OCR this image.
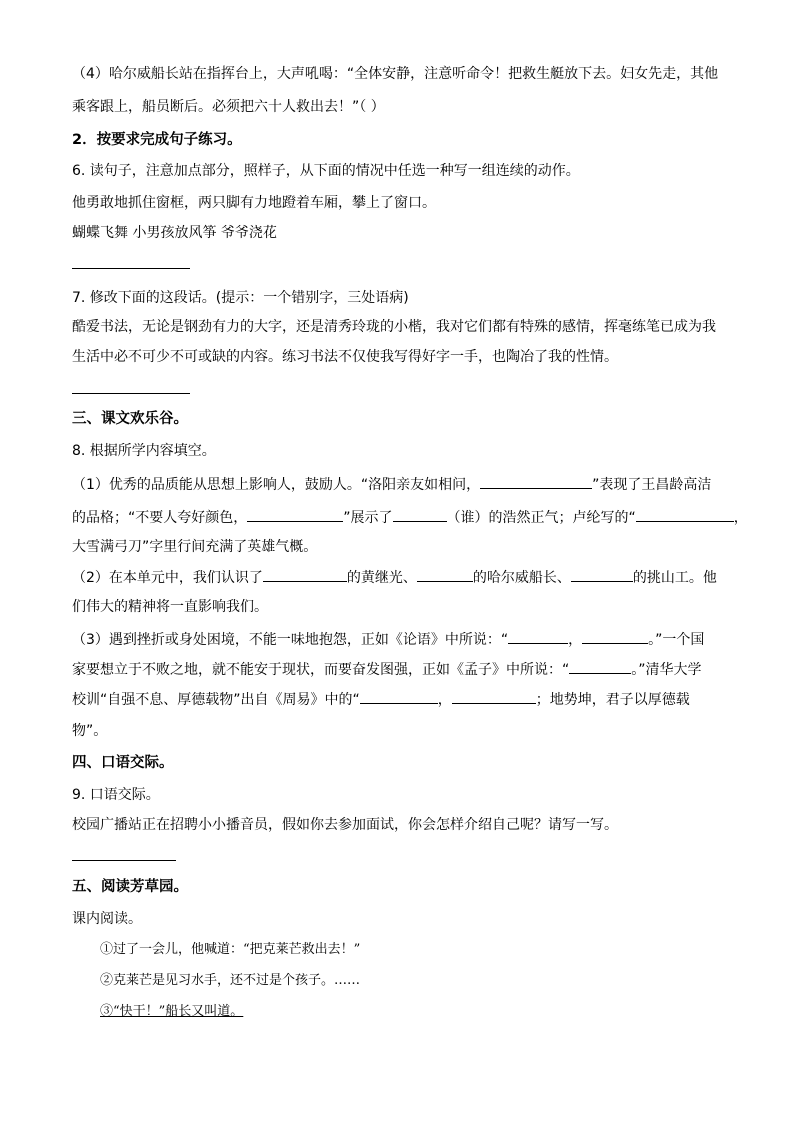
（4）哈尔威船长站在指挥台上，大声吼喝：“全体安静，注意听命令！把救生艇放下去。妇女先走，其他
乘客跟上，船员断后。必须把六十人救出去！”（ ）
2．按要求完成句子练习。
6. 读句子，注意加点部分，照样子，从下面的情况中任选一种写一组连续的动作。
他勇敢地抓住窗框，两只脚有力地蹬着车厢，攀上了窗口。
蝴蝶飞舞 小男孩放风筝 爷爷浇花
7. 修改下面的这段话。(提示：一个错别字，三处语病)
酷爱书法，无论是钢劲有力的大字，还是清秀玲珑的小楷，我对它们都有特殊的感情，挥毫练笔已成为我
生活中必不可少不可或缺的内容。练习书法不仅使我写得好字一手，也陶冶了我的性情。
三、课文欢乐谷。
8. 根据所学内容填空。
（1）优秀的品质能从思想上影响人，鼓励人。“洛阳亲友如相问，	”表现了王昌龄高洁
的品格；“不要人夸好颜色，	”展示了	（谁）的浩然正气；卢纶写的“	，
大雪满弓刀”字里行间充满了英雄气概。
（2）在本单元中，我们认识了	的黄继光、	的哈尔威船长、	的挑山工。他
们伟大的精神将一直影响我们。
（3）遇到挫折或身处困境，不能一味地抱怨，正如《论语》中所说：“	，	。”一个国
家要想立于不败之地，就不能安于现状，而要奋发图强，正如《孟子》中所说：“	。”清华大学
校训“自强不息、厚德载物”出自《周易》中的“	，	；地势坤，君子以厚德载
物”。
四、口语交际。
9. 口语交际。
校园广播站正在招聘小小播音员，假如你去参加面试，你会怎样介绍自己呢？请写一写。
五、阅读芳草园。
课内阅读。
①过了一会儿，他喊道：“把克莱芒救出去！”
②克莱芒是见习水手，还不过是个孩子。……
③“快干！”船长又叫道。
